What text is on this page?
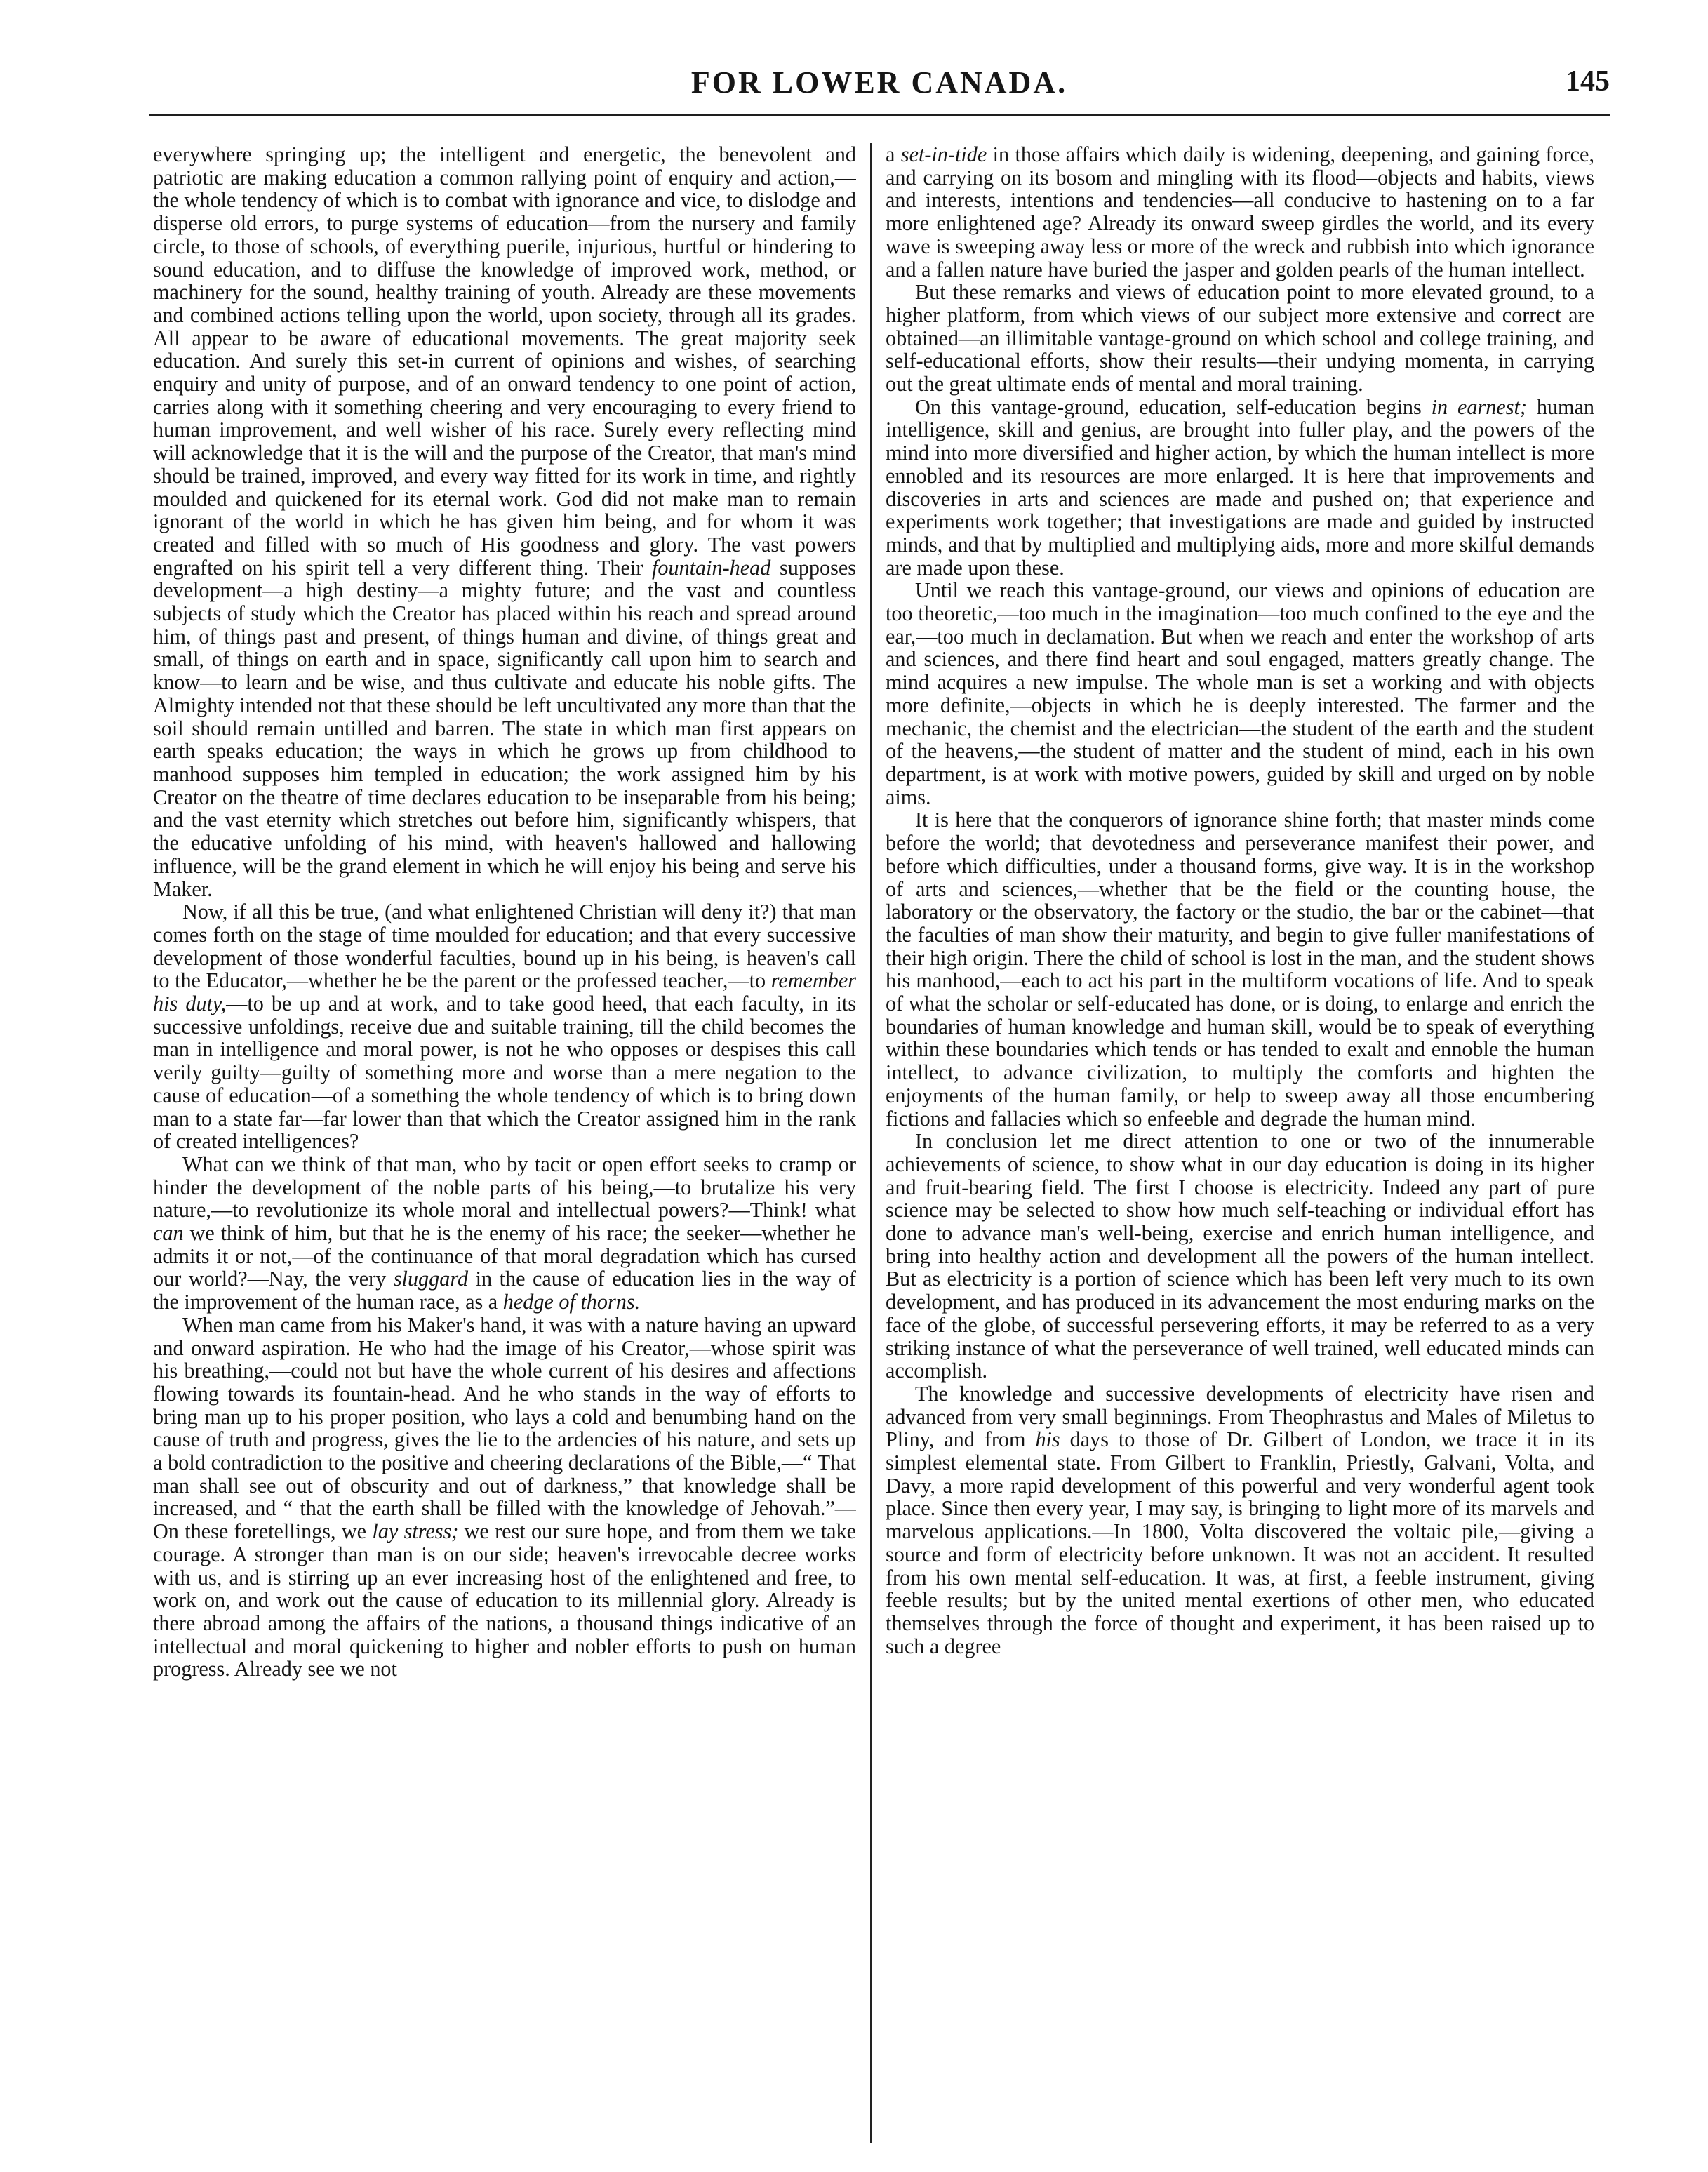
FOR LOWER CANADA.	145

everywhere springing up; the intelligent and energetic, the benevolent and patriotic are making education a common rallying point of enquiry and action,—the whole tendency of which is to combat with ignorance and vice, to dislodge and disperse old errors, to purge systems of education—from the nursery and family circle, to those of schools, of everything puerile, injurious, hurtful or hindering to sound education, and to diffuse the knowledge of improved work, method, or machinery for the sound, healthy training of youth. Already are these movements and combined actions telling upon the world, upon society, through all its grades. All appear to be aware of educational movements. The great majority seek education. And surely this set-in current of opinions and wishes, of searching enquiry and unity of purpose, and of an onward tendency to one point of action, carries along with it something cheering and very encouraging to every friend to human improvement, and well wisher of his race. Surely every reflecting mind will acknowledge that it is the will and the purpose of the Creator, that man's mind should be trained, improved, and every way fitted for its work in time, and rightly moulded and quickened for its eternal work. God did not make man to remain ignorant of the world in which he has given him being, and for whom it was created and filled with so much of His goodness and glory. The vast powers engrafted on his spirit tell a very different thing. Their fountain-head supposes development—a high destiny—a mighty future; and the vast and countless subjects of study which the Creator has placed within his reach and spread around him, of things past and present, of things human and divine, of things great and small, of things on earth and in space, significantly call upon him to search and know—to learn and be wise, and thus cultivate and educate his noble gifts. The Almighty intended not that these should be left uncultivated any more than that the soil should remain untilled and barren. The state in which man first appears on earth speaks education; the ways in which he grows up from childhood to manhood supposes him templed in education; the work assigned him by his Creator on the theatre of time declares education to be inseparable from his being; and the vast eternity which stretches out before him, significantly whispers, that the educative unfolding of his mind, with heaven's hallowed and hallowing influence, will be the grand element in which he will enjoy his being and serve his Maker.

Now, if all this be true, (and what enlightened Christian will deny it?) that man comes forth on the stage of time moulded for education; and that every successive development of those wonderful faculties, bound up in his being, is heaven's call to the Educator,—whether he be the parent or the professed teacher,—to remember his duty,—to be up and at work, and to take good heed, that each faculty, in its successive unfoldings, receive due and suitable training, till the child becomes the man in intelligence and moral power, is not he who opposes or despises this call verily guilty—guilty of something more and worse than a mere negation to the cause of education—of a something the whole tendency of which is to bring down man to a state far—far lower than that which the Creator assigned him in the rank of created intelligences?

What can we think of that man, who by tacit or open effort seeks to cramp or hinder the development of the noble parts of his being,—to brutalize his very nature,—to revolutionize its whole moral and intellectual powers?—Think! what can we think of him, but that he is the enemy of his race; the seeker—whether he admits it or not,—of the continuance of that moral degradation which has cursed our world?—Nay, the very sluggard in the cause of education lies in the way of the improvement of the human race, as a hedge of thorns.

When man came from his Maker's hand, it was with a nature having an upward and onward aspiration. He who had the image of his Creator,—whose spirit was his breathing,—could not but have the whole current of his desires and affections flowing towards its fountain-head. And he who stands in the way of efforts to bring man up to his proper position, who lays a cold and benumbing hand on the cause of truth and progress, gives the lie to the ardencies of his nature, and sets up a bold contradiction to the positive and cheering declarations of the Bible,—“ That man shall see out of obscurity and out of darkness,” that knowledge shall be increased, and “ that the earth shall be filled with the knowledge of Jehovah.”—On these foretellings, we lay stress; we rest our sure hope, and from them we take courage. A stronger than man is on our side; heaven's irrevocable decree works with us, and is stirring up an ever increasing host of the enlightened and free, to work on, and work out the cause of education to its millennial glory. Already is there abroad among the affairs of the nations, a thousand things indicative of an intellectual and moral quickening to higher and nobler efforts to push on human progress. Already see we not

a set-in-tide in those affairs which daily is widening, deepening, and gaining force, and carrying on its bosom and mingling with its flood—objects and habits, views and interests, intentions and tendencies—all conducive to hastening on to a far more enlightened age? Already its onward sweep girdles the world, and its every wave is sweeping away less or more of the wreck and rubbish into which ignorance and a fallen nature have buried the jasper and golden pearls of the human intellect.

But these remarks and views of education point to more elevated ground, to a higher platform, from which views of our subject more extensive and correct are obtained—an illimitable vantage-ground on which school and college training, and self-educational efforts, show their results—their undying momenta, in carrying out the great ultimate ends of mental and moral training.

On this vantage-ground, education, self-education begins in earnest; human intelligence, skill and genius, are brought into fuller play, and the powers of the mind into more diversified and higher action, by which the human intellect is more ennobled and its resources are more enlarged. It is here that improvements and discoveries in arts and sciences are made and pushed on; that experience and experiments work together; that investigations are made and guided by instructed minds, and that by multiplied and multiplying aids, more and more skilful demands are made upon these.

Until we reach this vantage-ground, our views and opinions of education are too theoretic,—too much in the imagination—too much confined to the eye and the ear,—too much in declamation. But when we reach and enter the workshop of arts and sciences, and there find heart and soul engaged, matters greatly change. The mind acquires a new impulse. The whole man is set a working and with objects more definite,—objects in which he is deeply interested. The farmer and the mechanic, the chemist and the electrician—the student of the earth and the student of the heavens,—the student of matter and the student of mind, each in his own department, is at work with motive powers, guided by skill and urged on by noble aims.

It is here that the conquerors of ignorance shine forth; that master minds come before the world; that devotedness and perseverance manifest their power, and before which difficulties, under a thousand forms, give way. It is in the workshop of arts and sciences,—whether that be the field or the counting house, the laboratory or the observatory, the factory or the studio, the bar or the cabinet—that the faculties of man show their maturity, and begin to give fuller manifestations of their high origin. There the child of school is lost in the man, and the student shows his manhood,—each to act his part in the multiform vocations of life. And to speak of what the scholar or self-educated has done, or is doing, to enlarge and enrich the boundaries of human knowledge and human skill, would be to speak of everything within these boundaries which tends or has tended to exalt and ennoble the human intellect, to advance civilization, to multiply the comforts and highten the enjoyments of the human family, or help to sweep away all those encumbering fictions and fallacies which so enfeeble and degrade the human mind.

In conclusion let me direct attention to one or two of the innumerable achievements of science, to show what in our day education is doing in its higher and fruit-bearing field. The first I choose is electricity. Indeed any part of pure science may be selected to show how much self-teaching or individual effort has done to advance man's well-being, exercise and enrich human intelligence, and bring into healthy action and development all the powers of the human intellect. But as electricity is a portion of science which has been left very much to its own development, and has produced in its advancement the most enduring marks on the face of the globe, of successful persevering efforts, it may be referred to as a very striking instance of what the perseverance of well trained, well educated minds can accomplish.

The knowledge and successive developments of electricity have risen and advanced from very small beginnings. From Theophrastus and Males of Miletus to Pliny, and from his days to those of Dr. Gilbert of London, we trace it in its simplest elemental state. From Gilbert to Franklin, Priestly, Galvani, Volta, and Davy, a more rapid development of this powerful and very wonderful agent took place. Since then every year, I may say, is bringing to light more of its marvels and marvelous applications.—In 1800, Volta discovered the voltaic pile,—giving a source and form of electricity before unknown. It was not an accident. It resulted from his own mental self-education. It was, at first, a feeble instrument, giving feeble results; but by the united mental exertions of other men, who educated themselves through the force of thought and experiment, it has been raised up to such a degree
